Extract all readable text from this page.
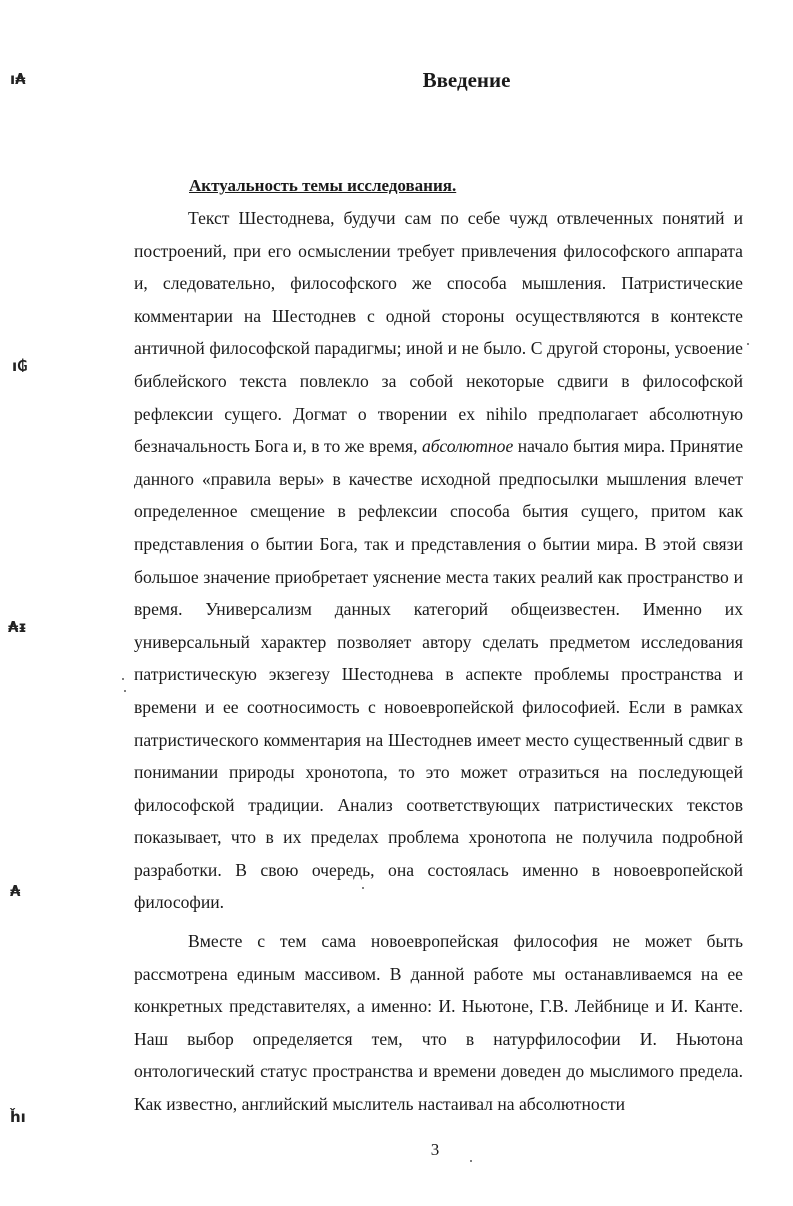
Введение
Актуальность темы исследования.

Текст Шестоднева, будучи сам по себе чужд отвлеченных понятий и построений, при его осмыслении требует привлечения философского аппарата и, следовательно, философского же способа мышления. Патристические комментарии на Шестоднев с одной стороны осуществляются в контексте античной философской парадигмы; иной и не было. С другой стороны, усвоение библейского текста повлекло за собой некоторые сдвиги в философской рефлексии сущего. Догмат о творении ex nihilo предполагает абсолютную безначальность Бога и, в то же время, абсолютное начало бытия мира. Принятие данного «правила веры» в качестве исходной предпосылки мышления влечет определенное смещение в рефлексии способа бытия сущего, притом как представления о бытии Бога, так и представления о бытии мира. В этой связи большое значение приобретает уяснение места таких реалий как пространство и время. Универсализм данных категорий общеизвестен. Именно их универсальный характер позволяет автору сделать предметом исследования патристическую экзегезу Шестоднева в аспекте проблемы пространства и времени и ее соотносимость с новоевропейской философией. Если в рамках патристического комментария на Шестоднев имеет место существенный сдвиг в понимании природы хронотопа, то это может отразиться на последующей философской традиции. Анализ соответствующих патристических текстов показывает, что в их пределах проблема хронотопа не получила подробной разработки. В свою очередь, она состоялась именно в новоевропейской философии.

Вместе с тем сама новоевропейская философия не может быть рассмотрена единым массивом. В данной работе мы останавливаемся на ее конкретных представителях, а именно: И. Ньютоне, Г.В. Лейбнице и И. Канте. Наш выбор определяется тем, что в натурфилософии И. Ньютона онтологический статус пространства и времени доведен до мыслимого предела. Как известно, английский мыслитель настаивал на абсолютности

3
ı₳
ı₲
₳ᵻ
₳
ȟı
